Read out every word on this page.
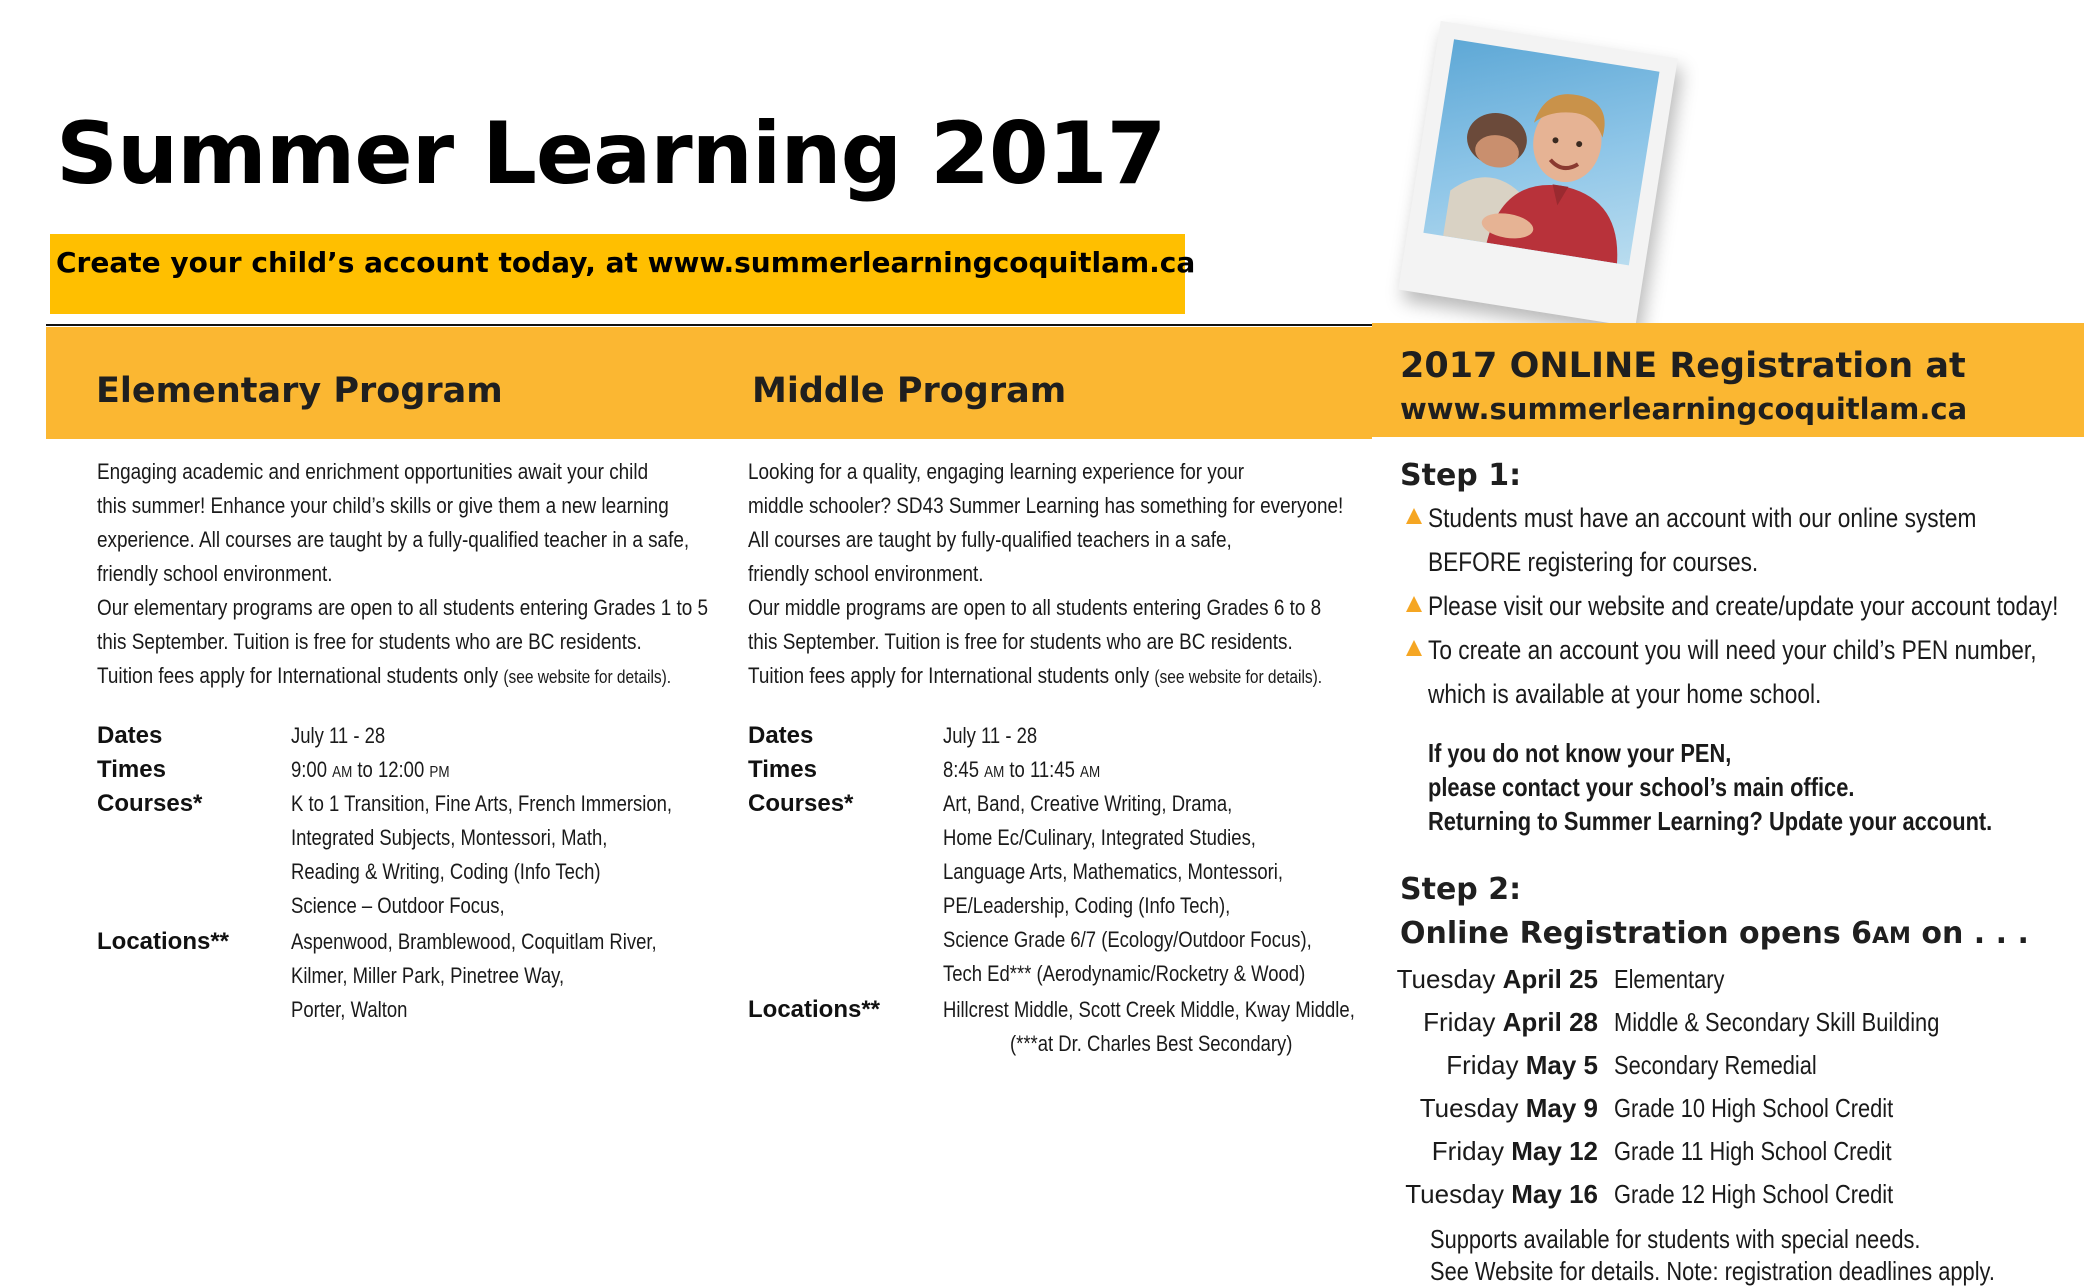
Summer Learning 2017
Create your child’s account today, at www.summerlearningcoquitlam.ca
Elementary Program	Middle Program
2017 ONLINE Registration at
www.summerlearningcoquitlam.ca

Engaging academic and enrichment opportunities await your child

this summer! Enhance your child’s skills or give them a new learning

experience. All courses are taught by a fully-qualified teacher in a safe,

friendly school environment.

Our elementary programs are open to all students entering Grades 1 to 5

this September. Tuition is free for students who are BC residents.

Tuition fees apply for International students only (see website for details).

Looking for a quality, engaging learning experience for your

middle schooler? SD43 Summer Learning has something for everyone!

All courses are taught by fully-qualified teachers in a safe,

friendly school environment.

Our middle programs are open to all students entering Grades 6 to 8

this September. Tuition is free for students who are BC residents.

Tuition fees apply for International students only (see website for details).

Dates	July 11 - 28
Times	9:00 AM to 12:00 PM
Courses*	K to 1 Transition, Fine Arts, French Immersion,
Integrated Subjects, Montessori, Math,
Reading & Writing, Coding (Info Tech)
Science – Outdoor Focus,
Locations**	Aspenwood, Bramblewood, Coquitlam River,
Kilmer, Miller Park, Pinetree Way,
Porter, Walton
Dates	July 11 - 28
Times	8:45 AM to 11:45 AM
Courses*	Art, Band, Creative Writing, Drama,
Home Ec/Culinary, Integrated Studies,
Language Arts, Mathematics, Montessori,
PE/Leadership, Coding (Info Tech),
Science Grade 6/7 (Ecology/Outdoor Focus),
Tech Ed*** (Aerodynamic/Rocketry & Wood)
Locations**	Hillcrest Middle, Scott Creek Middle, Kway Middle,
(***at Dr. Charles Best Secondary)
Step 1:
Students must have an account with our online system
BEFORE registering for courses.
Please visit our website and create/update your account today!
To create an account you will need your child’s PEN number,
which is available at your home school.
If you do not know your PEN,
please contact your school’s main office.
Returning to Summer Learning? Update your account.
Step 2:
Online Registration opens 6AM on . . .
Tuesday April 25 Elementary
Friday April 28 Middle & Secondary Skill Building
Friday May 5 Secondary Remedial
Tuesday May 9 Grade 10 High School Credit
Friday May 12 Grade 11 High School Credit
Tuesday May 16 Grade 12 High School Credit
Supports available for students with special needs.
See Website for details. Note: registration deadlines apply.
